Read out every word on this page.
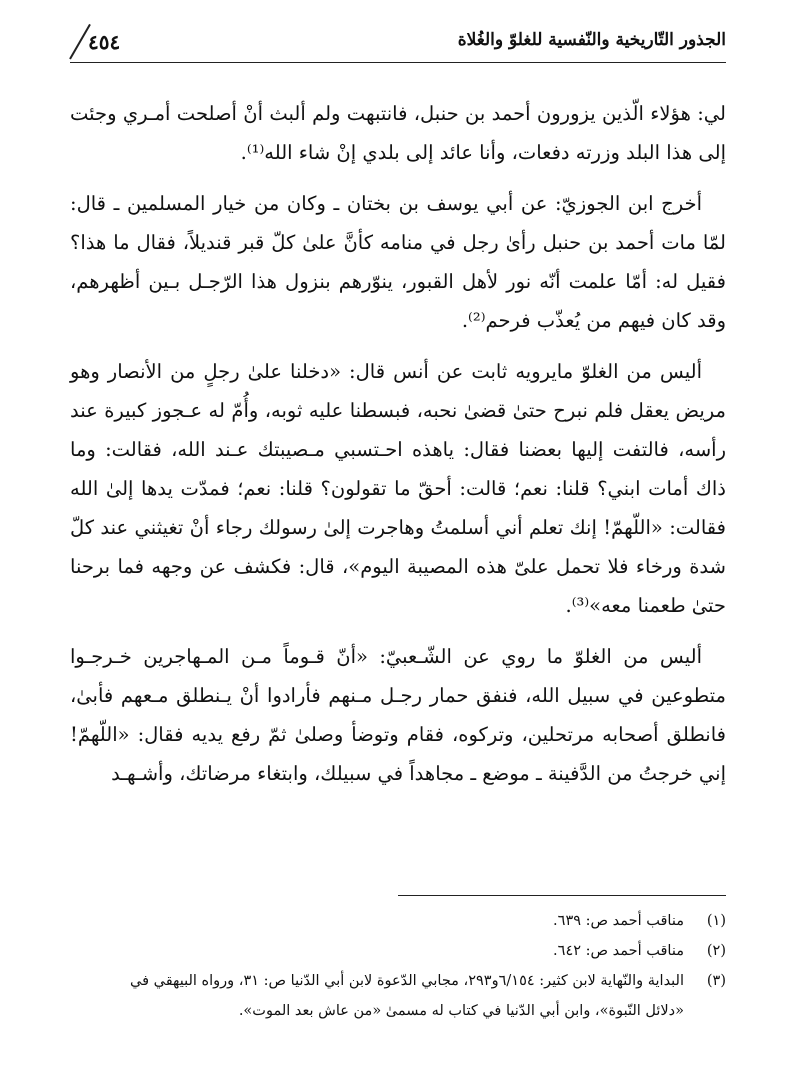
الجذور التّاريخية والنّفسية للغلوّ والغُلاة
٤٥٤

لي: هؤلاء الّذين يزورون أحمد بن حنبل، فانتبهت ولم ألبث أنْ أصلحت أمـري وجئت إلى هذا البلد وزرته دفعات، وأنا عائد إلى بلدي إنْ شاء الله⁽¹⁾.

أخرج ابن الجوزيّ: عن أبي يوسف بن بختان ـ وكان من خيار المسلمين ـ قال: لمّا مات أحمد بن حنبل رأىٰ رجل في منامه كأنَّ علىٰ كلّ قبر قنديلاً، فقال ما هذا؟ فقيل له: أمّا علمت أنّه نور لأهل القبور، ينوّرهم بنزول هذا الرّجـل بـين أظهرهم، وقد كان فيهم من يُعذّب فرحم⁽²⁾.

أليس من الغلوّ مايرويه ثابت عن أنس قال: «دخلنا علىٰ رجلٍ من الأنصار وهو مريض يعقل فلم نبرح حتىٰ قضىٰ نحبه، فبسطنا عليه ثوبه، وأُمّ له عـجوز كبيرة عند رأسه، فالتفت إليها بعضنا فقال: ياهذه احـتسبي مـصيبتك عـند الله، فقالت: وما ذاك أمات ابني؟ قلنا: نعم؛ قالت: أحقّ ما تقولون؟ قلنا: نعم؛ فمدّت يدها إلىٰ الله فقالت: «اللّهمّ! إنك تعلم أني أسلمتُ وهاجرت إلىٰ رسولك رجاء أنْ تغيثني عند كلّ شدة ورخاء فلا تحمل علىّ هذه المصيبة اليوم»، قال: فكشف عن وجهه فما برحنا حتىٰ طعمنا معه»⁽³⁾.

أليس من الغلوّ ما روي عن الشّـعبيّ: «أنّ قـوماً مـن المـهاجرين خـرجـوا متطوعين في سبيل الله، فنفق حمار رجـل مـنهم فأرادوا أنْ يـنطلق مـعهم فأبىٰ، فانطلق أصحابه مرتحلين، وتركوه، فقام وتوضأ وصلىٰ ثمّ رفع يديه فقال: «اللّهمّ! إني خرجتُ من الدَّفينة ـ موضع ـ مجاهداً في سبيلك، وابتغاء مرضاتك، وأشـهـد

(١)
مناقب أحمد ص: ٦٣٩.
(٢)
مناقب أحمد ص: ٦٤٢.
(٣)
البداية والنّهاية لابن كثير: ٦/١٥٤و٢٩٣، مجابي الدّعوة لابن أبي الدّنيا ص: ٣١، ورواه البيهقي في
«دلائل النّبوة»، وابن أبي الدّنيا في كتاب له مسمىٰ «من عاش بعد الموت».
